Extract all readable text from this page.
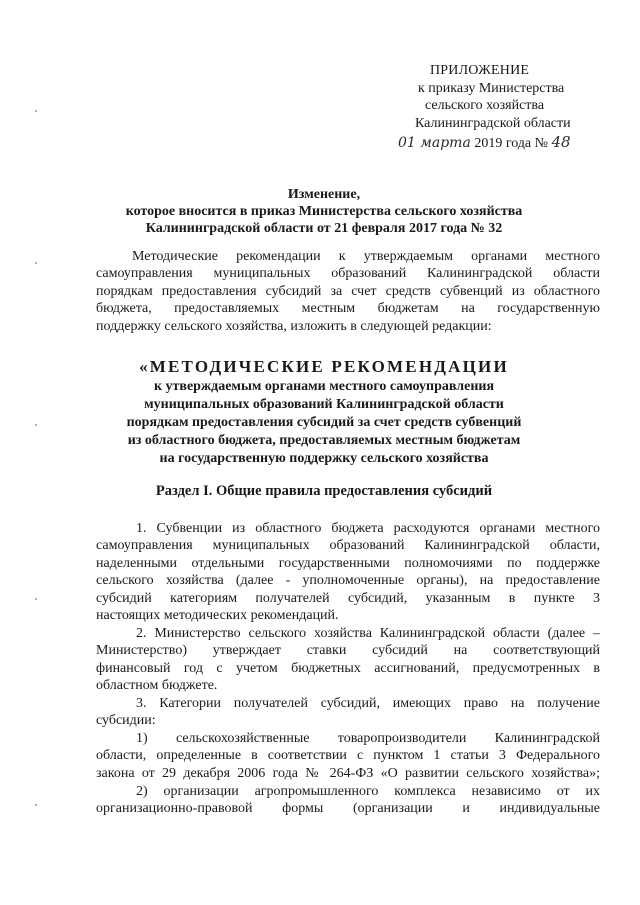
ПРИЛОЖЕНИЕ
к приказу Министерства
сельского хозяйства
Калининградской области
01 марта 2019 года № 48
Изменение,
которое вносится в приказ Министерства сельского хозяйства
Калининградской области от 21 февраля 2017 года № 32
Методические рекомендации к утверждаемым органами местного
самоуправления муниципальных образований Калининградской области
порядкам предоставления субсидий за счет средств субвенций из областного
бюджета, предоставляемых местным бюджетам на государственную
поддержку сельского хозяйства, изложить в следующей редакции:
«МЕТОДИЧЕСКИЕ РЕКОМЕНДАЦИИ
к утверждаемым органами местного самоуправления
муниципальных образований Калининградской области
порядкам предоставления субсидий за счет средств субвенций
из областного бюджета, предоставляемых местным бюджетам
на государственную поддержку сельского хозяйства
Раздел I. Общие правила предоставления субсидий
1. Субвенции из областного бюджета расходуются органами местного
самоуправления муниципальных образований Калининградской области,
наделенными отдельными государственными полномочиями по поддержке
сельского хозяйства (далее - уполномоченные органы), на предоставление
субсидий категориям получателей субсидий, указанным в пункте 3
настоящих методических рекомендаций.
2. Министерство сельского хозяйства Калининградской области (далее –
Министерство) утверждает ставки субсидий на соответствующий
финансовый год с учетом бюджетных ассигнований, предусмотренных в
областном бюджете.
3. Категории получателей субсидий, имеющих право на получение
субсидии:
1) сельскохозяйственные товаропроизводители Калининградской
области, определенные в соответствии с пунктом 1 статьи 3 Федерального
закона от 29 декабря 2006 года № 264-ФЗ «О развитии сельского хозяйства»;
2) организации агропромышленного комплекса независимо от их
организационно-правовой формы (организации и индивидуальные
